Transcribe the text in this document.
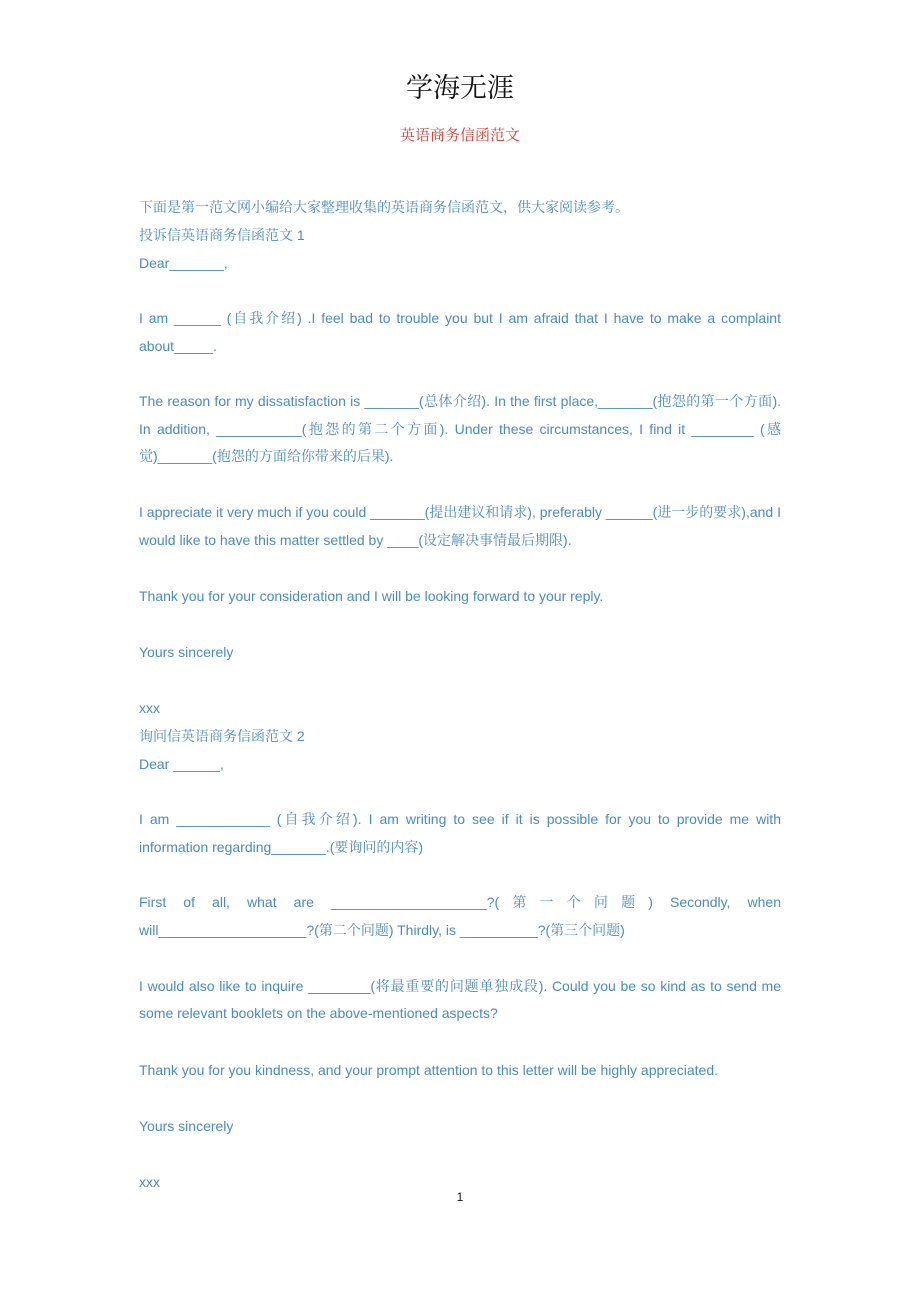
学海无涯
英语商务信函范文
下面是第一范文网小编给大家整理收集的英语商务信函范文，供大家阅读参考。
投诉信英语商务信函范文 1
Dear_______,
I am ______ (自我介绍) .I feel bad to trouble you but I am afraid that I have to make a complaint about_____.
The reason for my dissatisfaction is _______(总体介绍). In the first place,_______(抱怨的第一个方面). In addition, ___________(抱怨的第二个方面). Under these circumstances, I find it ________ (感觉)_______(抱怨的方面给你带来的后果).
I appreciate it very much if you could _______(提出建议和请求), preferably ______(进一步的要求),and I would like to have this matter settled by ____(设定解决事情最后期限).
Thank you for your consideration and I will be looking forward to your reply.
Yours sincerely
xxx
询问信英语商务信函范文 2
Dear ______,
I am ____________ (自我介绍). I am writing to see if it is possible for you to provide me with information regarding_______.(要询问的内容)
First of all, what are ____________________?(第一个问题) Secondly, when
will___________________?(第二个问题) Thirdly, is __________?(第三个问题)
I would also like to inquire ________(将最重要的问题单独成段). Could you be so kind as to send me some relevant booklets on the above-mentioned aspects?
Thank you for you kindness, and your prompt attention to this letter will be highly appreciated.
Yours sincerely
xxx
1
